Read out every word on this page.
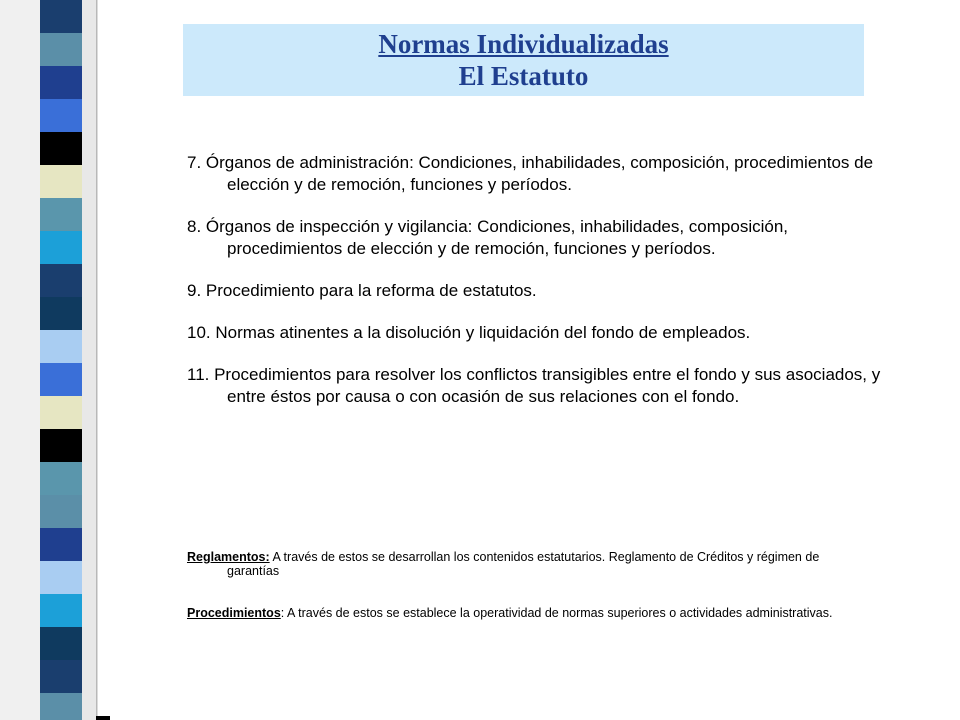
Normas Individualizadas
El Estatuto

7. Órganos de administración: Condiciones, inhabilidades, composición, procedimientos de elección y de remoción, funciones y períodos.

8. Órganos de inspección y vigilancia: Condiciones, inhabilidades, composición, procedimientos de elección y de remoción, funciones y períodos.

9. Procedimiento para la reforma de estatutos.

10. Normas atinentes a la disolución y liquidación del fondo de empleados.

11. Procedimientos para resolver los conflictos transigibles entre el fondo y sus asociados, y entre éstos por causa o con ocasión de sus relaciones con el fondo.

Reglamentos: A través de estos se desarrollan los contenidos estatutarios. Reglamento de Créditos y régimen de garantías

Procedimientos: A través de estos se establece la operatividad de normas superiores o actividades administrativas.
